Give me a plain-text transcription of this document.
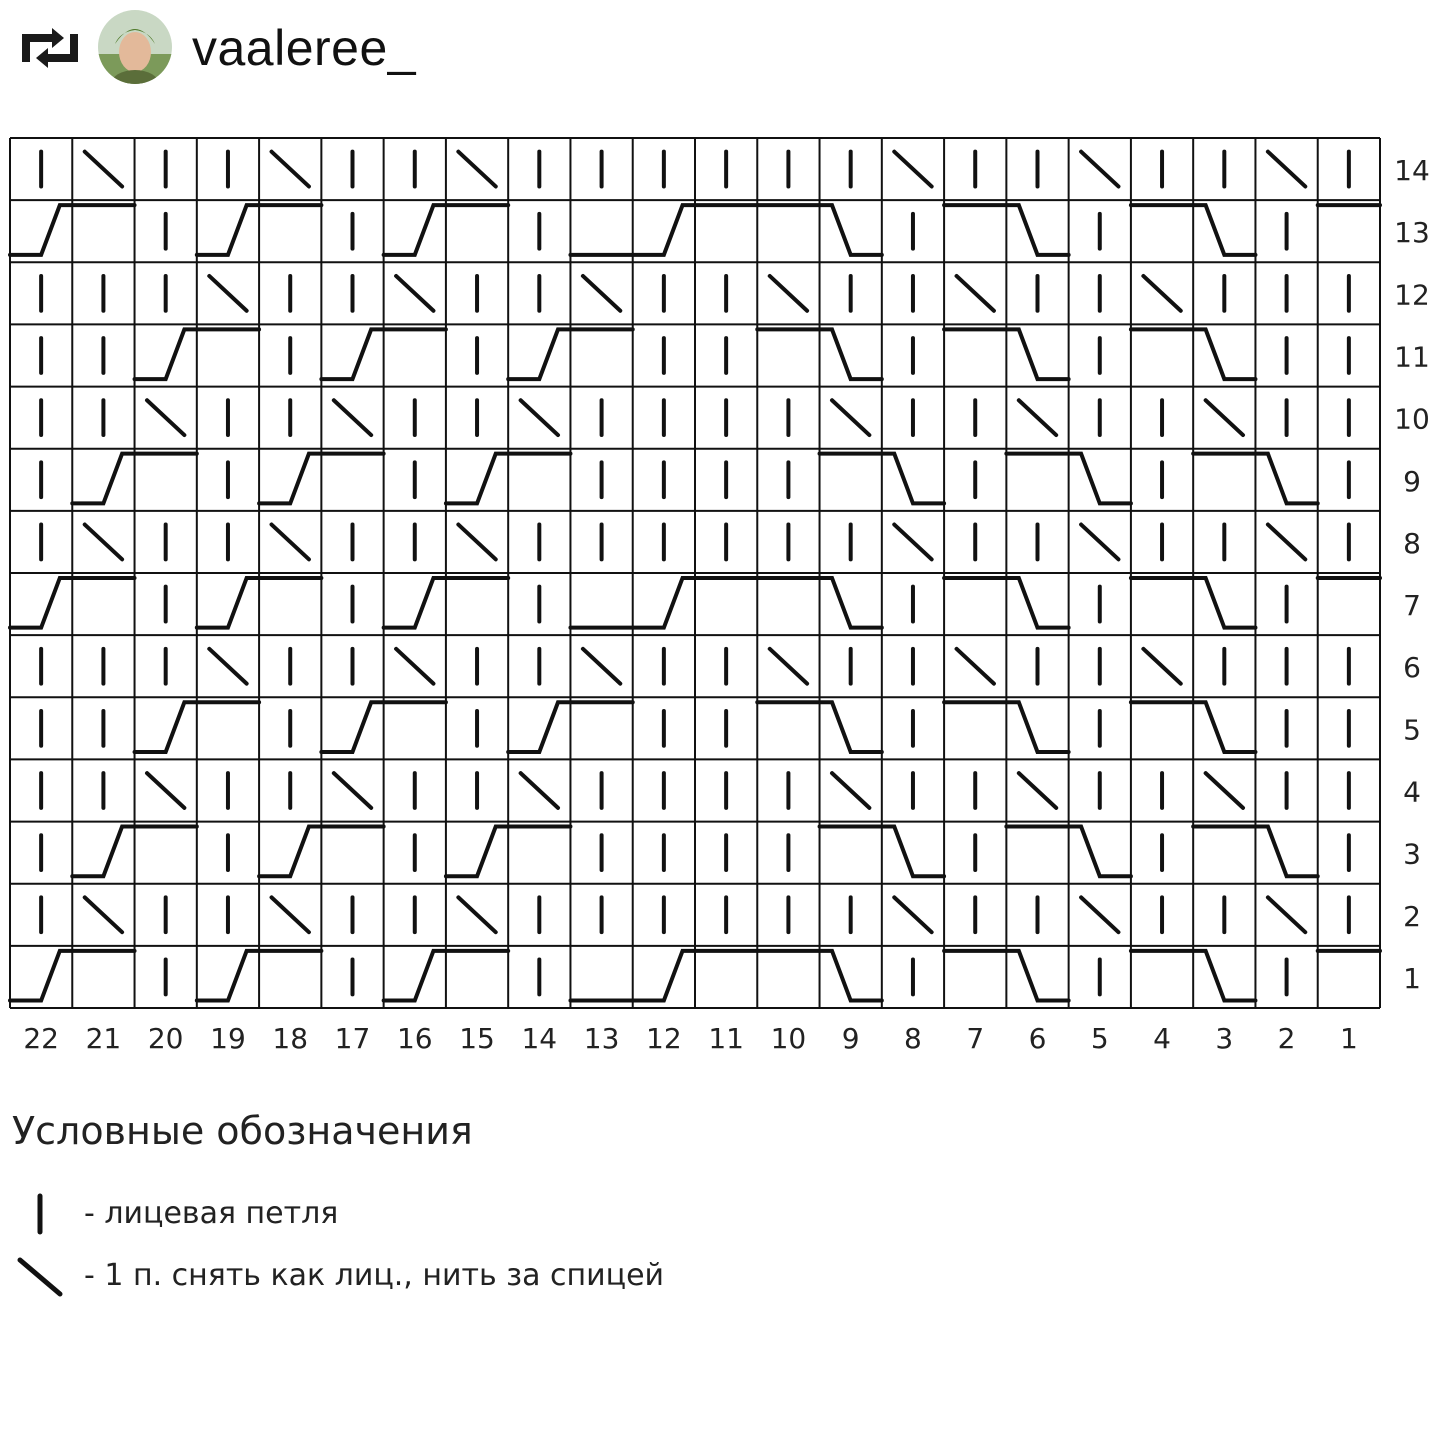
vaaleree_
14
13
12
11
10
9
8
7
6
5
4
3
2
1
22 21 20 19 18 17 16 15 14 13 12 11 10 9 8 7 6 5 4 3 2 1
Условные обозначения
- лицевая петля
- 1 п. снять как лиц., нить за спицей
